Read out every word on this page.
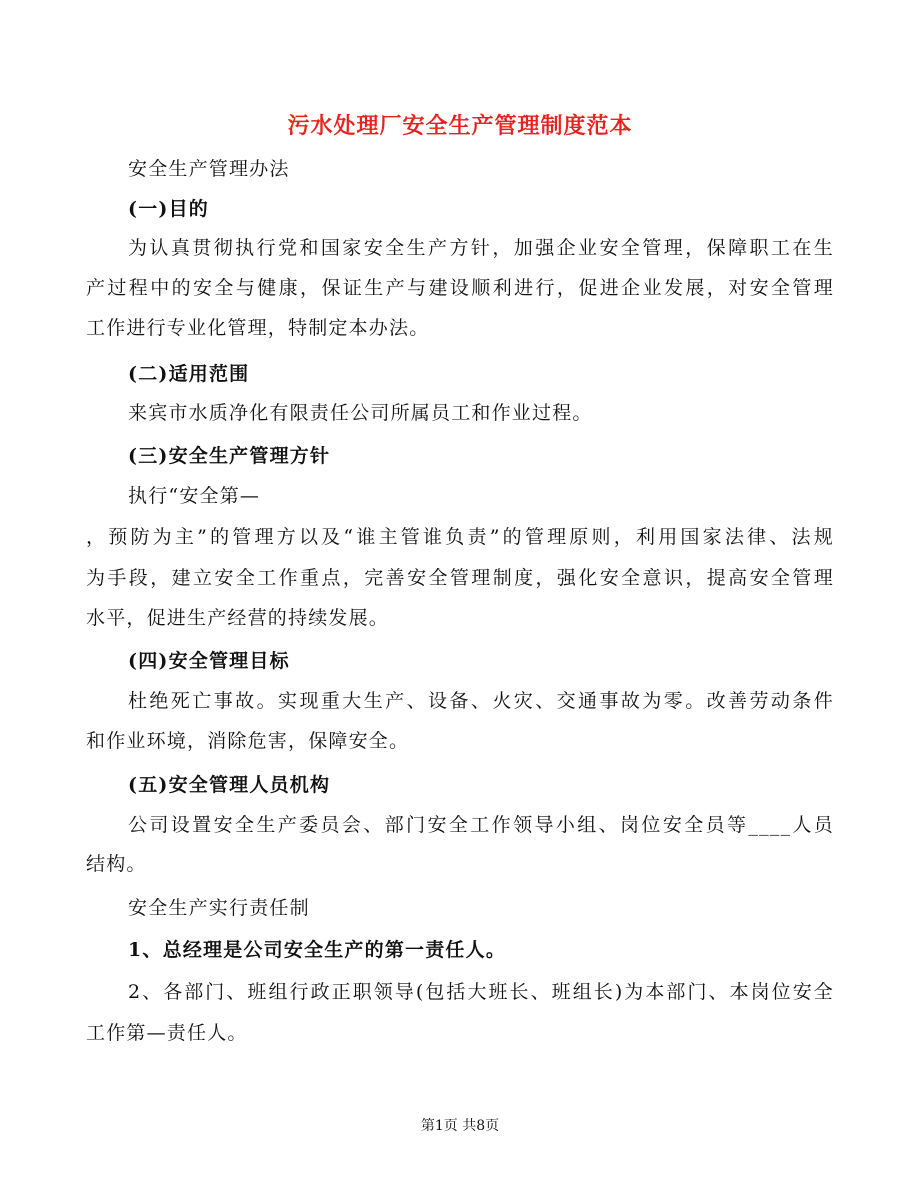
污水处理厂安全生产管理制度范本
安全生产管理办法
(一)目的
为认真贯彻执行党和国家安全生产方针，加强企业安全管理，保障职工在生
产过程中的安全与健康，保证生产与建设顺利进行，促进企业发展，对安全管理
工作进行专业化管理，特制定本办法。
(二)适用范围
来宾市水质净化有限责任公司所属员工和作业过程。
(三)安全生产管理方针
执行“安全第—
，预防为主”的管理方以及“谁主管谁负责”的管理原则，利用国家法律、法规
为手段，建立安全工作重点，完善安全管理制度，强化安全意识，提高安全管理
水平，促进生产经营的持续发展。
(四)安全管理目标
杜绝死亡事故。实现重大生产、设备、火灾、交通事故为零。改善劳动条件
和作业环境，消除危害，保障安全。
(五)安全管理人员机构
公司设置安全生产委员会、部门安全工作领导小组、岗位安全员等____人员
结构。
安全生产实行责任制
1、总经理是公司安全生产的第一责任人。
2、各部门、班组行政正职领导(包括大班长、班组长)为本部门、本岗位安全
工作第—责任人。
第1页 共8页
